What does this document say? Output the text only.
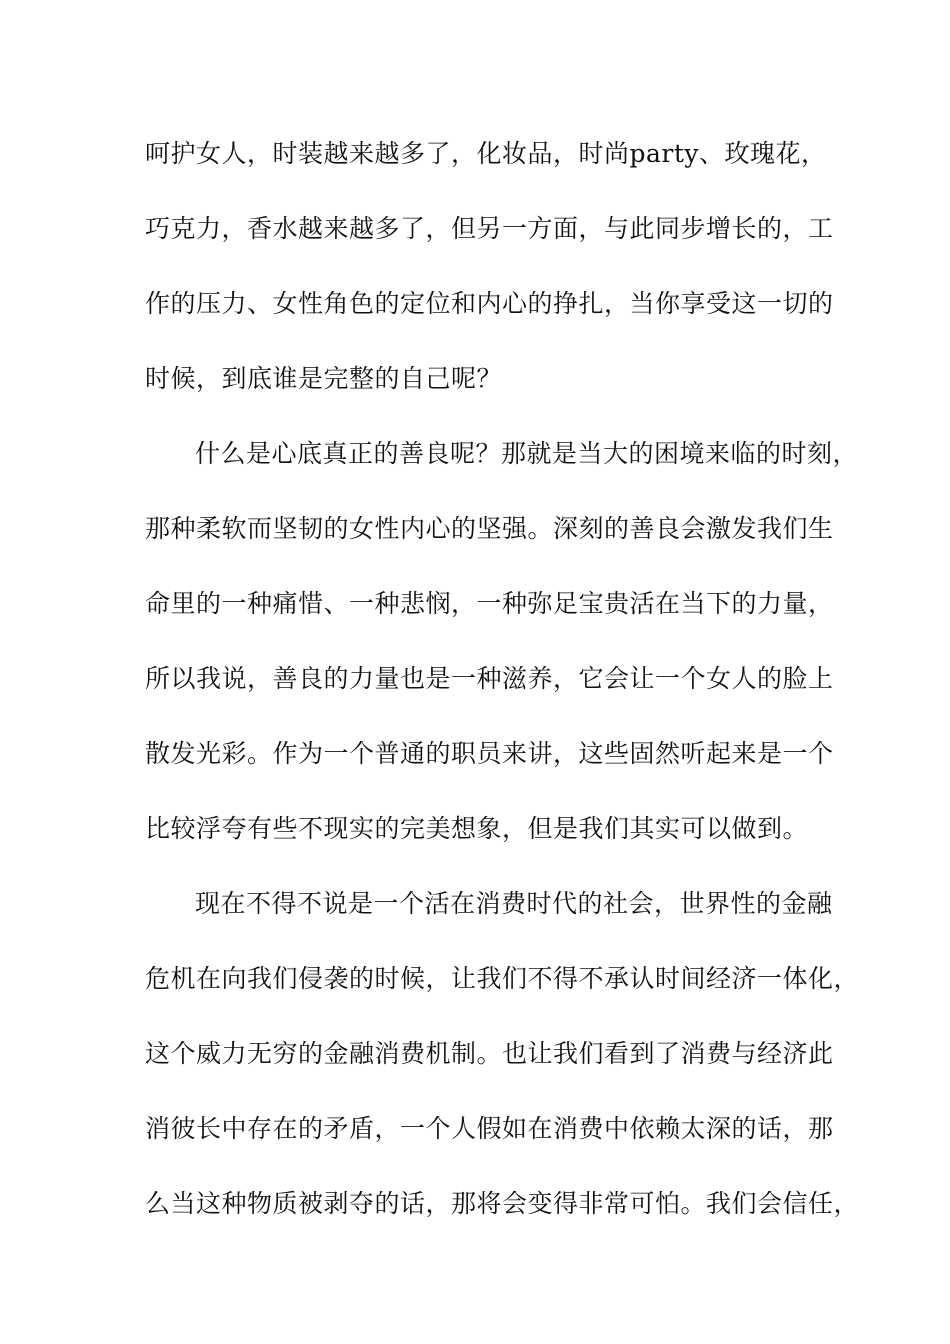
呵护女人，时装越来越多了，化妆品，时尚party、玫瑰花，
巧克力，香水越来越多了，但另一方面，与此同步增长的，工
作的压力、女性角色的定位和内心的挣扎，当你享受这一切的
时候，到底谁是完整的自己呢？
什么是心底真正的善良呢？那就是当大的困境来临的时刻，
那种柔软而坚韧的女性内心的坚强。深刻的善良会激发我们生
命里的一种痛惜、一种悲悯，一种弥足宝贵活在当下的力量，
所以我说，善良的力量也是一种滋养，它会让一个女人的脸上
散发光彩。作为一个普通的职员来讲，这些固然听起来是一个
比较浮夸有些不现实的完美想象，但是我们其实可以做到。
现在不得不说是一个活在消费时代的社会，世界性的金融
危机在向我们侵袭的时候，让我们不得不承认时间经济一体化，
这个威力无穷的金融消费机制。也让我们看到了消费与经济此
消彼长中存在的矛盾，一个人假如在消费中依赖太深的话，那
么当这种物质被剥夺的话，那将会变得非常可怕。我们会信任，
